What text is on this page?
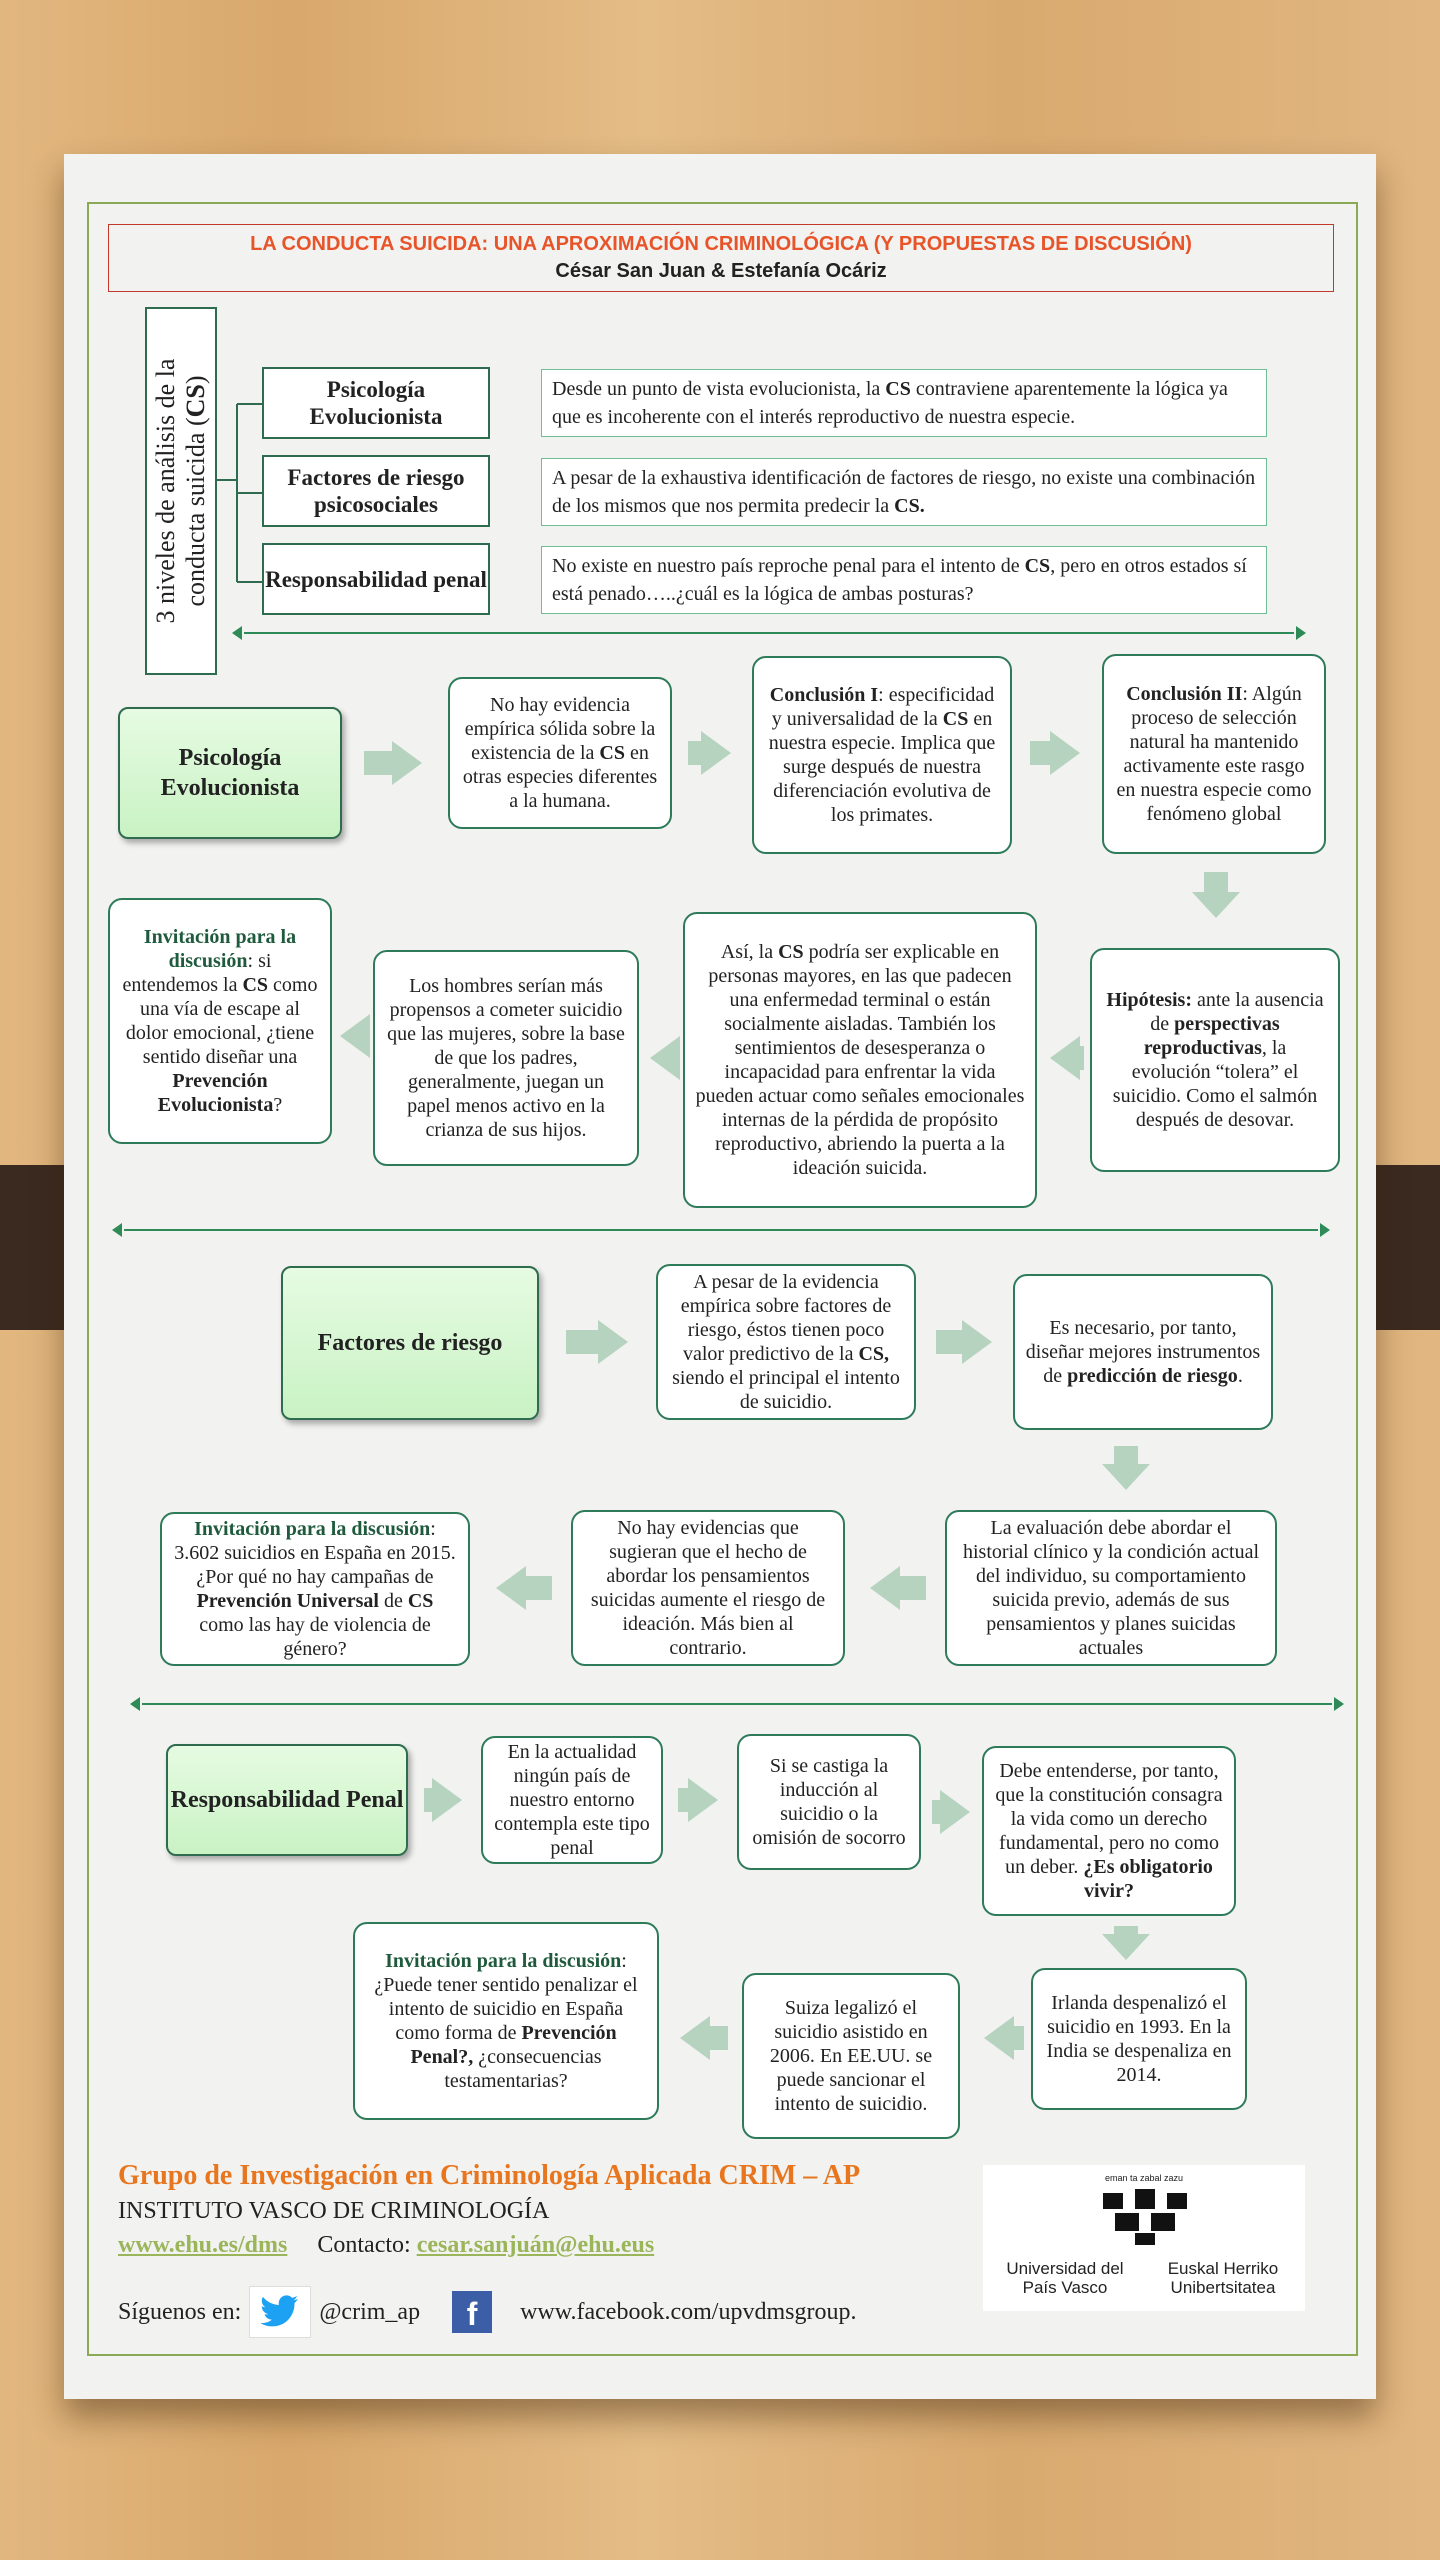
LA CONDUCTA SUICIDA: UNA APROXIMACIÓN CRIMINOLÓGICA (Y PROPUESTAS DE DISCUSIÓN)
César San Juan & Estefanía Ocáriz
3 niveles de análisis de la conducta suicida (CS)	Psicología Evolucionista
Factores de riesgo psicosociales
Responsabilidad penal
Desde un punto de vista evolucionista, la CS contraviene aparentemente la lógica ya que es incoherente con el interés reproductivo de nuestra especie.
A pesar de la exhaustiva identificación de factores de riesgo, no existe una combinación de los mismos que nos permita predecir la CS.
No existe en nuestro país reproche penal para el intento de CS, pero en otros estados sí está penado…..¿cuál es la lógica de ambas posturas?
Psicología Evolucionista
No hay evidencia empírica sólida sobre la existencia de la CS en otras especies diferentes a la humana.
Conclusión I: especificidad y universalidad de la CS en nuestra especie. Implica que surge después de nuestra diferenciación evolutiva de los primates.
Conclusión II: Algún proceso de selección natural ha mantenido activamente este rasgo en nuestra especie como fenómeno global
Hipótesis: ante la ausencia de perspectivas reproductivas, la evolución “tolera” el suicidio. Como el salmón después de desovar.
Así, la CS podría ser explicable en personas mayores, en las que padecen una enfermedad terminal o están socialmente aisladas. También los sentimientos de desesperanza o incapacidad para enfrentar la vida pueden actuar como señales emocionales internas de la pérdida de propósito reproductivo, abriendo la puerta a la ideación suicida.
Los hombres serían más propensos a cometer suicidio que las mujeres, sobre la base de que los padres, generalmente, juegan un papel menos activo en la crianza de sus hijos.
Invitación para la discusión: si entendemos la CS como una vía de escape al dolor emocional, ¿tiene sentido diseñar una Prevención Evolucionista?
Factores de riesgo
A pesar de la evidencia empírica sobre factores de riesgo, éstos tienen poco valor predictivo de la CS, siendo el principal el intento de suicidio.
Es necesario, por tanto, diseñar mejores instrumentos de predicción de riesgo.
La evaluación debe abordar el historial clínico y la condición actual del individuo, su comportamiento suicida previo, además de sus pensamientos y planes suicidas actuales
No hay evidencias que sugieran que el hecho de abordar los pensamientos suicidas aumente el riesgo de ideación. Más bien al contrario.
Invitación para la discusión: 3.602 suicidios en España en 2015. ¿Por qué no hay campañas de Prevención Universal de CS como las hay de violencia de género?
Responsabilidad Penal
En la actualidad ningún país de nuestro entorno contempla este tipo penal
Si se castiga la inducción al suicidio o la omisión de socorro
Debe entenderse, por tanto, que la constitución consagra la vida como un derecho fundamental, pero no como un deber. ¿Es obligatorio vivir?
Irlanda despenalizó el suicidio en 1993. En la India se despenaliza en 2014.
Suiza legalizó el suicidio asistido en 2006. En EE.UU. se puede sancionar el intento de suicidio.
Invitación para la discusión: ¿Puede tener sentido penalizar el intento de suicidio en España como forma de Prevención Penal?, ¿consecuencias testamentarias?
Grupo de Investigación en Criminología Aplicada CRIM – AP
INSTITUTO VASCO DE CRIMINOLOGÍA
www.ehu.es/dms Contacto: cesar.sanjuán@ehu.eus
Síguenos en:	@crim_ap	f	www.facebook.com/upvdmsgroup.
eman ta zabal zazu
Universidad del País Vasco
Euskal Herriko Unibertsitatea
